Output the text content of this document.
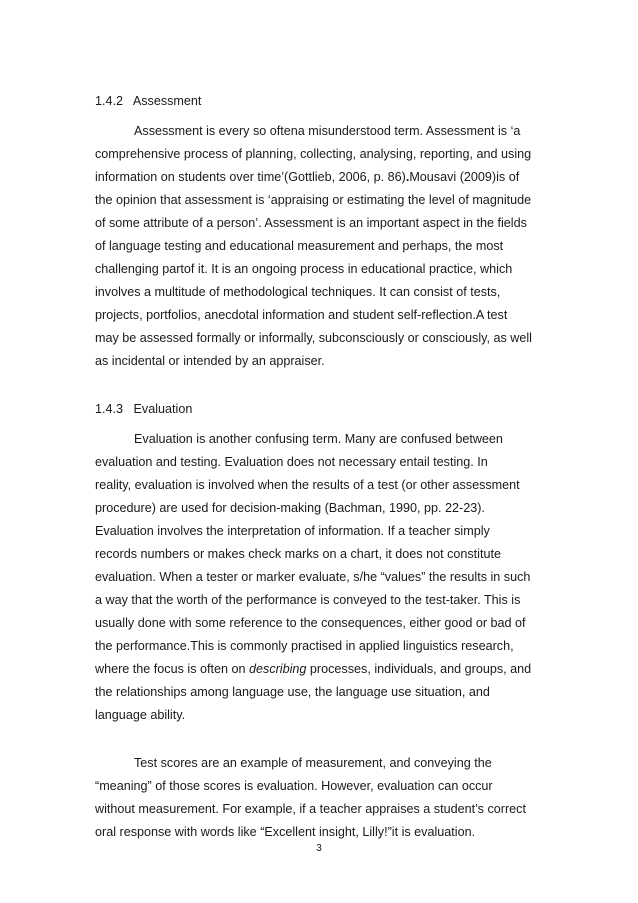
1.4.2 Assessment
Assessment is every so oftena misunderstood term. Assessment is ‘a
comprehensive process of planning, collecting, analysing, reporting, and using
information on students over time’(Gottlieb, 2006, p. 86).Mousavi (2009)is of
the opinion that assessment is ‘appraising or estimating the level of magnitude
of some attribute of a person’. Assessment is an important aspect in the fields
of language testing and educational measurement and perhaps, the most
challenging partof it. It is an ongoing process in educational practice, which
involves a multitude of methodological techniques. It can consist of tests,
projects, portfolios, anecdotal information and student self-reflection.A test
may be assessed formally or informally, subconsciously or consciously, as well
as incidental or intended by an appraiser.
1.4.3 Evaluation
Evaluation is another confusing term. Many are confused between
evaluation and testing. Evaluation does not necessary entail testing. In
reality, evaluation is involved when the results of a test (or other assessment
procedure) are used for decision-making (Bachman, 1990, pp. 22-23).
Evaluation involves the interpretation of information. If a teacher simply
records numbers or makes check marks on a chart, it does not constitute
evaluation. When a tester or marker evaluate, s/he “values” the results in such
a way that the worth of the performance is conveyed to the test-taker. This is
usually done with some reference to the consequences, either good or bad of
the performance.This is commonly practised in applied linguistics research,
where the focus is often on describing processes, individuals, and groups, and
the relationships among language use, the language use situation, and
language ability.
Test scores are an example of measurement, and conveying the
“meaning” of those scores is evaluation. However, evaluation can occur
without measurement. For example, if a teacher appraises a student’s correct
oral response with words like “Excellent insight, Lilly!”it is evaluation.
3
